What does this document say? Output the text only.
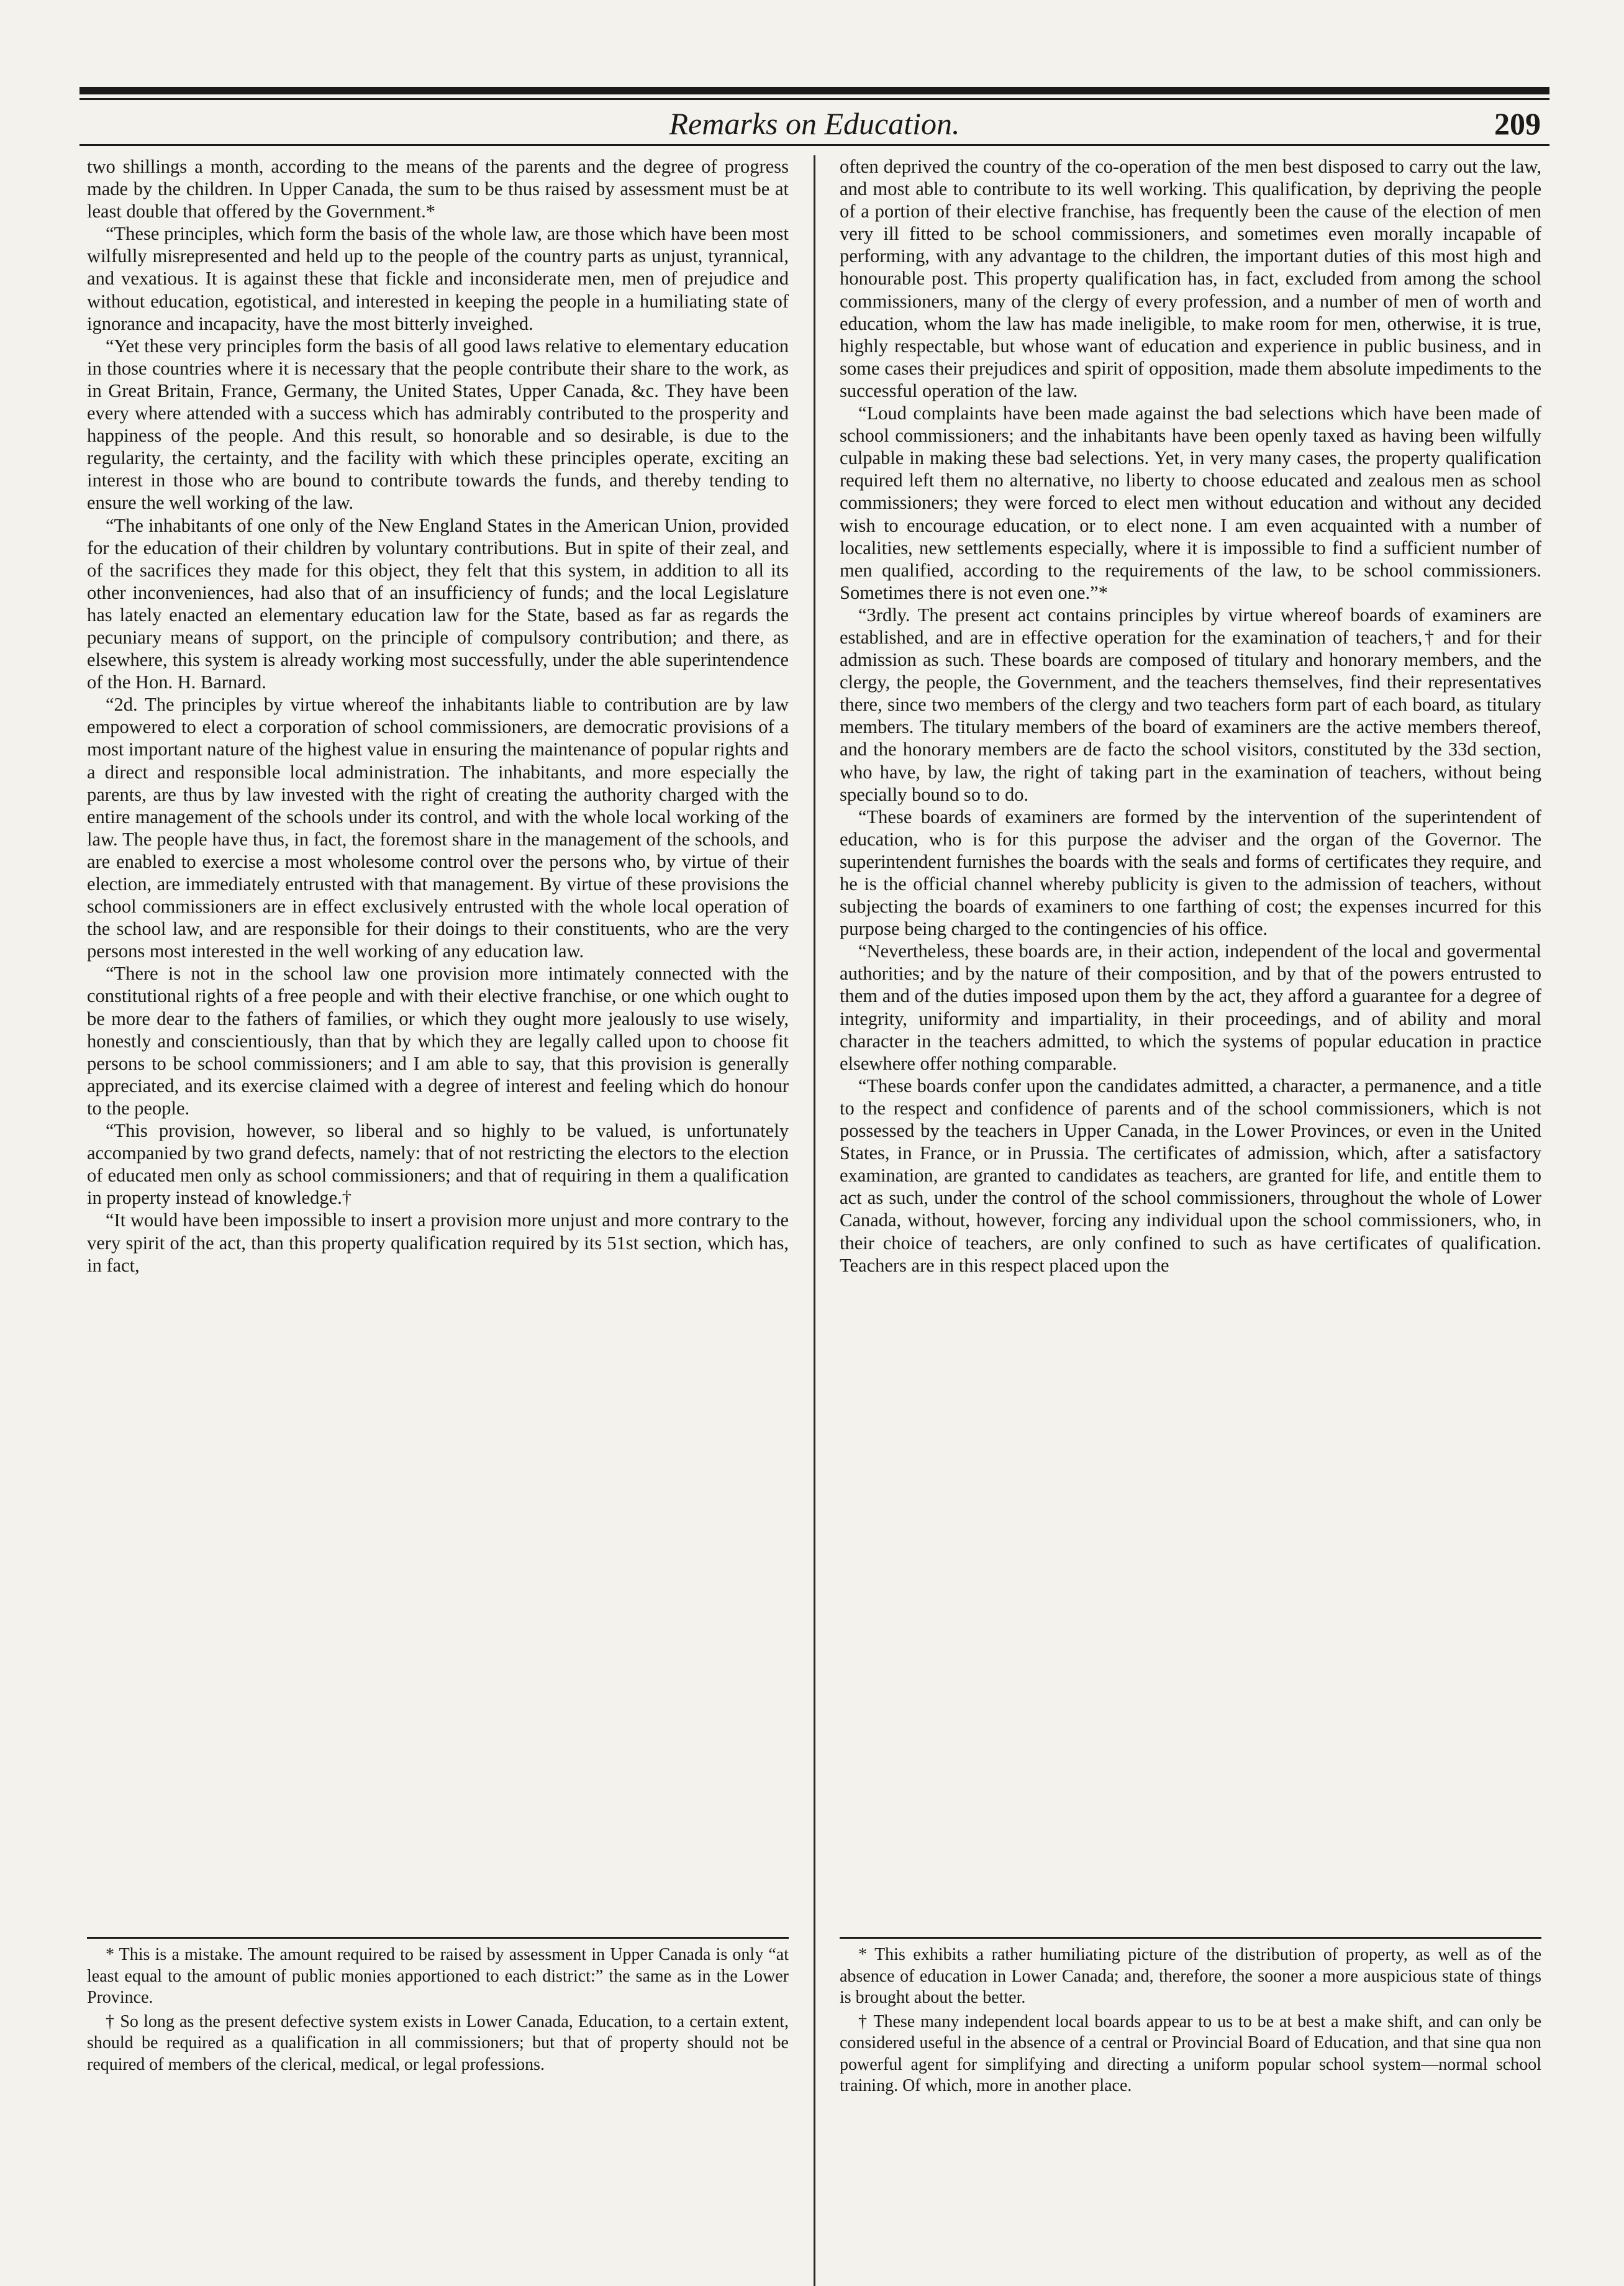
Remarks on Education.	209

two shillings a month, according to the means of the parents and the degree of progress made by the children. In Upper Canada, the sum to be thus raised by assessment must be at least double that offered by the Government.*

“These principles, which form the basis of the whole law, are those which have been most wilfully misrepresented and held up to the people of the country parts as unjust, tyrannical, and vexatious. It is against these that fickle and inconsiderate men, men of prejudice and without education, egotistical, and interested in keeping the people in a humiliating state of ignorance and incapacity, have the most bitterly inveighed.

“Yet these very principles form the basis of all good laws relative to elementary education in those countries where it is necessary that the people contribute their share to the work, as in Great Britain, France, Germany, the United States, Upper Canada, &c. They have been every where attended with a success which has admirably contributed to the prosperity and happiness of the people. And this result, so honorable and so desirable, is due to the regularity, the certainty, and the facility with which these principles operate, exciting an interest in those who are bound to contribute towards the funds, and thereby tending to ensure the well working of the law.

“The inhabitants of one only of the New England States in the American Union, provided for the education of their children by voluntary contributions. But in spite of their zeal, and of the sacrifices they made for this object, they felt that this system, in addition to all its other inconveniences, had also that of an insufficiency of funds; and the local Legislature has lately enacted an elementary education law for the State, based as far as regards the pecuniary means of support, on the principle of compulsory contribution; and there, as elsewhere, this system is already working most successfully, under the able superintendence of the Hon. H. Barnard.

“2d. The principles by virtue whereof the inhabitants liable to contribution are by law empowered to elect a corporation of school commissioners, are democratic provisions of a most important nature of the highest value in ensuring the maintenance of popular rights and a direct and responsible local administration. The inhabitants, and more especially the parents, are thus by law invested with the right of creating the authority charged with the entire management of the schools under its control, and with the whole local working of the law. The people have thus, in fact, the foremost share in the management of the schools, and are enabled to exercise a most wholesome control over the persons who, by virtue of their election, are immediately entrusted with that management. By virtue of these provisions the school commissioners are in effect exclusively entrusted with the whole local operation of the school law, and are responsible for their doings to their constituents, who are the very persons most interested in the well working of any education law.

“There is not in the school law one provision more intimately connected with the constitutional rights of a free people and with their elective franchise, or one which ought to be more dear to the fathers of families, or which they ought more jealously to use wisely, honestly and conscientiously, than that by which they are legally called upon to choose fit persons to be school commissioners; and I am able to say, that this provision is generally appreciated, and its exercise claimed with a degree of interest and feeling which do honour to the people.

“This provision, however, so liberal and so highly to be valued, is unfortunately accompanied by two grand defects, namely: that of not restricting the electors to the election of educated men only as school commissioners; and that of requiring in them a qualification in property instead of knowledge.†

“It would have been impossible to insert a provision more unjust and more contrary to the very spirit of the act, than this property qualification required by its 51st section, which has, in fact,

often deprived the country of the co-operation of the men best disposed to carry out the law, and most able to contribute to its well working. This qualification, by depriving the people of a portion of their elective franchise, has frequently been the cause of the election of men very ill fitted to be school commissioners, and sometimes even morally incapable of performing, with any advantage to the children, the important duties of this most high and honourable post. This property qualification has, in fact, excluded from among the school commissioners, many of the clergy of every profession, and a number of men of worth and education, whom the law has made ineligible, to make room for men, otherwise, it is true, highly respectable, but whose want of education and experience in public business, and in some cases their prejudices and spirit of opposition, made them absolute impediments to the successful operation of the law.

“Loud complaints have been made against the bad selections which have been made of school commissioners; and the inhabitants have been openly taxed as having been wilfully culpable in making these bad selections. Yet, in very many cases, the property qualification required left them no alternative, no liberty to choose educated and zealous men as school commissioners; they were forced to elect men without education and without any decided wish to encourage education, or to elect none. I am even acquainted with a number of localities, new settlements especially, where it is impossible to find a sufficient number of men qualified, according to the requirements of the law, to be school commissioners. Sometimes there is not even one.”*

“3rdly. The present act contains principles by virtue whereof boards of examiners are established, and are in effective operation for the examination of teachers,† and for their admission as such. These boards are composed of titulary and honorary members, and the clergy, the people, the Government, and the teachers themselves, find their representatives there, since two members of the clergy and two teachers form part of each board, as titulary members. The titulary members of the board of examiners are the active members thereof, and the honorary members are de facto the school visitors, constituted by the 33d section, who have, by law, the right of taking part in the examination of teachers, without being specially bound so to do.

“These boards of examiners are formed by the intervention of the superintendent of education, who is for this purpose the adviser and the organ of the Governor. The superintendent furnishes the boards with the seals and forms of certificates they require, and he is the official channel whereby publicity is given to the admission of teachers, without subjecting the boards of examiners to one farthing of cost; the expenses incurred for this purpose being charged to the contingencies of his office.

“Nevertheless, these boards are, in their action, independent of the local and govermental authorities; and by the nature of their composition, and by that of the powers entrusted to them and of the duties imposed upon them by the act, they afford a guarantee for a degree of integrity, uniformity and impartiality, in their proceedings, and of ability and moral character in the teachers admitted, to which the systems of popular education in practice elsewhere offer nothing comparable.

“These boards confer upon the candidates admitted, a character, a permanence, and a title to the respect and confidence of parents and of the school commissioners, which is not possessed by the teachers in Upper Canada, in the Lower Provinces, or even in the United States, in France, or in Prussia. The certificates of admission, which, after a satisfactory examination, are granted to candidates as teachers, are granted for life, and entitle them to act as such, under the control of the school commissioners, throughout the whole of Lower Canada, without, however, forcing any individual upon the school commissioners, who, in their choice of teachers, are only confined to such as have certificates of qualification. Teachers are in this respect placed upon the

* This is a mistake. The amount required to be raised by assessment in Upper Canada is only “at least equal to the amount of public monies apportioned to each district:” the same as in the Lower Province.

† So long as the present defective system exists in Lower Canada, Education, to a certain extent, should be required as a qualification in all commissioners; but that of property should not be required of members of the clerical, medical, or legal professions.

* This exhibits a rather humiliating picture of the distribution of property, as well as of the absence of education in Lower Canada; and, therefore, the sooner a more auspicious state of things is brought about the better.

† These many independent local boards appear to us to be at best a make shift, and can only be considered useful in the absence of a central or Provincial Board of Education, and that sine qua non powerful agent for simplifying and directing a uniform popular school system—normal school training. Of which, more in another place.
